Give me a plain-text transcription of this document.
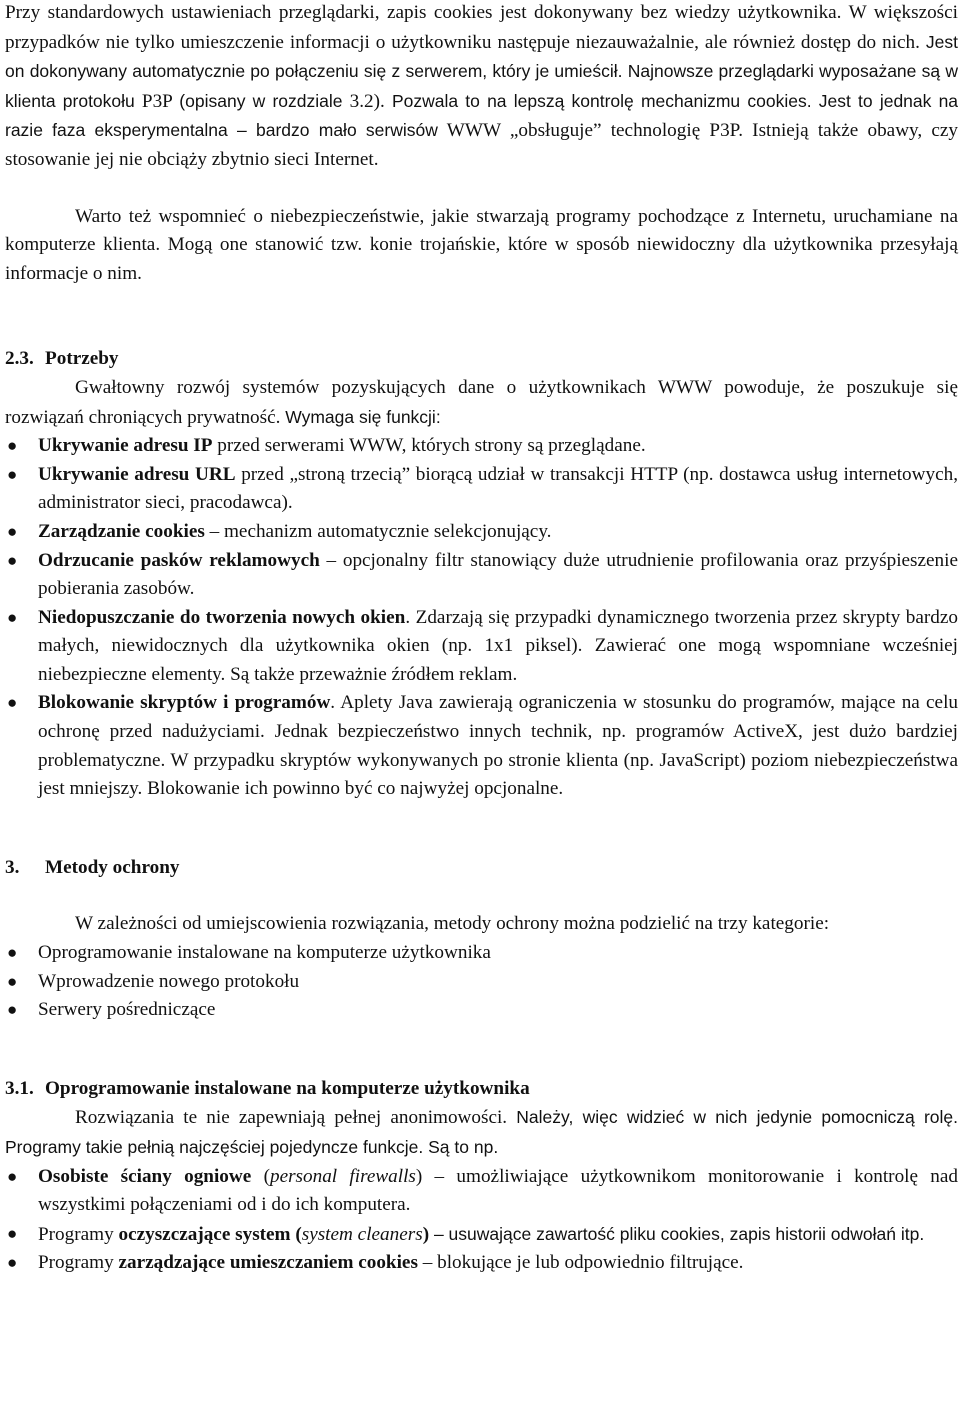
Przy standardowych ustawieniach przeglądarki, zapis cookies jest dokonywany bez wiedzy użytkownika. W większości przypadków nie tylko umieszczenie informacji o użytkowniku następuje niezauważalnie, ale również dostęp do nich. Jest on dokonywany automatycznie po połączeniu się z serwerem, który je umieścił. Najnowsze przeglądarki wyposażane są w klienta protokołu P3P (opisany w rozdziale 3.2). Pozwala to na lepszą kontrolę mechanizmu cookies. Jest to jednak na razie faza eksperymentalna – bardzo mało serwisów WWW „obsługuje” technologię P3P. Istnieją także obawy, czy stosowanie jej nie obciąży zbytnio sieci Internet.

Warto też wspomnieć o niebezpieczeństwie, jakie stwarzają programy pochodzące z Internetu, uruchamiane na komputerze klienta. Mogą one stanowić tzw. konie trojańskie, które w sposób niewidoczny dla użytkownika przesyłają informacje o nim.

2.3. Potrzeby

Gwałtowny rozwój systemów pozyskujących dane o użytkownikach WWW powoduje, że poszukuje się rozwiązań chroniących prywatność. Wymaga się funkcji:

● Ukrywanie adresu IP przed serwerami WWW, których strony są przeglądane.
● Ukrywanie adresu URL przed „stroną trzecią” biorącą udział w transakcji HTTP (np. dostawca usług internetowych, administrator sieci, pracodawca).
● Zarządzanie cookies – mechanizm automatycznie selekcjonujący.
● Odrzucanie pasków reklamowych – opcjonalny filtr stanowiący duże utrudnienie profilowania oraz przyśpieszenie pobierania zasobów.
● Niedopuszczanie do tworzenia nowych okien. Zdarzają się przypadki dynamicznego tworzenia przez skrypty bardzo małych, niewidocznych dla użytkownika okien (np. 1x1 piksel). Zawierać one mogą wspomniane wcześniej niebezpieczne elementy. Są także przeważnie źródłem reklam.
● Blokowanie skryptów i programów. Aplety Java zawierają ograniczenia w stosunku do programów, mające na celu ochronę przed nadużyciami. Jednak bezpieczeństwo innych technik, np. programów ActiveX, jest dużo bardziej problematyczne. W przypadku skryptów wykonywanych po stronie klienta (np. JavaScript) poziom niebezpieczeństwa jest mniejszy. Blokowanie ich powinno być co najwyżej opcjonalne.
3. Metody ochrony

W zależności od umiejscowienia rozwiązania, metody ochrony można podzielić na trzy kategorie:

● Oprogramowanie instalowane na komputerze użytkownika
● Wprowadzenie nowego protokołu
● Serwery pośredniczące
3.1. Oprogramowanie instalowane na komputerze użytkownika

Rozwiązania te nie zapewniają pełnej anonimowości. Należy, więc widzieć w nich jedynie pomocniczą rolę. Programy takie pełnią najczęściej pojedyncze funkcje. Są to np.

● Osobiste ściany ogniowe (personal firewalls) – umożliwiające użytkownikom monitorowanie i kontrolę nad wszystkimi połączeniami od i do ich komputera.
● Programy oczyszczające system (system cleaners) – usuwające zawartość pliku cookies, zapis historii odwołań itp.
● Programy zarządzające umieszczaniem cookies – blokujące je lub odpowiednio filtrujące.
